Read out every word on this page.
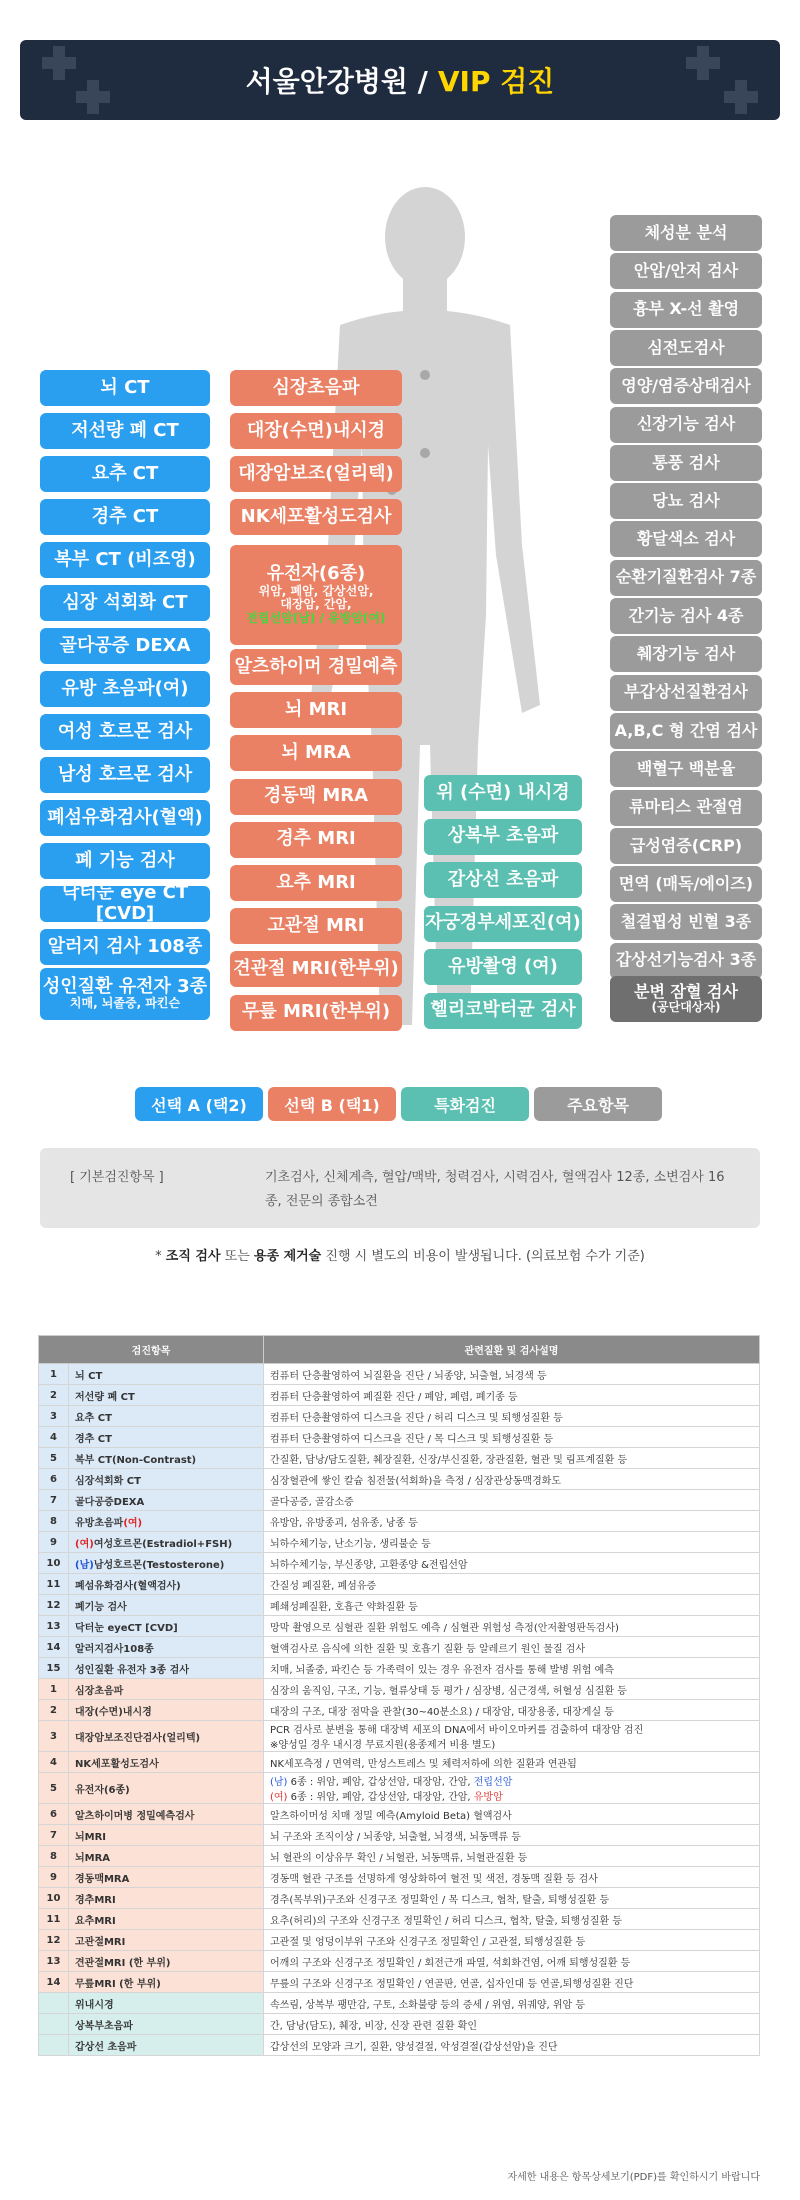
서울안강병원 / VIP 검진
뇌 CT
저선량 폐 CT
요추 CT
경추 CT
복부 CT (비조영)
심장 석회화 CT
골다공증 DEXA
유방 초음파(여)
여성 호르몬 검사
남성 호르몬 검사
폐섬유화검사(혈액)
폐 기능 검사
닥터눈 eye CT [CVD]
알러지 검사 108종
성인질환 유전자 3종
치매, 뇌졸중, 파킨슨
심장초음파
대장(수면)내시경
대장암보조(얼리텍)
NK세포활성도검사
유전자(6종)
위암, 폐암, 갑상선암,
대장암, 간암,
전립선암(남) / 유방암(여)
알츠하이머 경밀예측
뇌 MRI
뇌 MRA
경동맥 MRA
경추 MRI
요추 MRI
고관절 MRI
견관절 MRI(한부위)
무릎 MRI(한부위)
위 (수면) 내시경
상복부 초음파
갑상선 초음파
자궁경부세포진(여)
유방촬영 (여)
헬리코박터균 검사
체성분 분석
안압/안저 검사
흉부 X-선 촬영
심전도검사
영양/염증상태검사
신장기능 검사
통풍 검사
당뇨 검사
황달색소 검사
순환기질환검사 7종
간기능 검사 4종
췌장기능 검사
부갑상선질환검사
A,B,C 형 간염 검사
백혈구 백분율
류마티스 관절염
급성염증(CRP)
면역 (매독/에이즈)
철결핍성 빈혈 3종
갑상선기능검사 3종
분변 잠혈 검사
(공단대상자)
선택 A (택2)	선택 B (택1)	특화검진	주요항목
[ 기본검진항목 ]	기초검사, 신체계측, 혈압/맥박, 청력검사, 시력검사, 혈액검사 12종, 소변검사 16종, 전문의 종합소견
* 조직 검사 또는 용종 제거술 진행 시 별도의 비용이 발생됩니다. (의료보험 수가 기준)
검진항목		관련질환 및 검사설명
1	뇌 CT	컴퓨터 단층촬영하여 뇌질환을 진단 / 뇌종양, 뇌출혈, 뇌경색 등

2	저선량 폐 CT	컴퓨터 단층촬영하여 폐질환 진단 / 폐암, 폐렴, 폐기종 등

3	요추 CT	컴퓨터 단층촬영하여 디스크을 진단 / 허리 디스크 및 퇴행성질환 등

4	경추 CT	컴퓨터 단층촬영하여 디스크을 진단 / 목 디스크 및 퇴행성질환 등

5	복부 CT(Non-Contrast)	간질환, 담낭/담도질환, 췌장질환, 신장/부신질환, 장관질환, 혈관 및 림프계질환 등

6	심장석회화 CT	심장혈관에 쌓인 칼슘 침전물(석회화)을 측정 / 심장관상동맥경화도

7	골다공증DEXA	골다공증, 골감소증

8	유방초음파(여)	유방암, 유방종괴, 섬유종, 낭종 등

9	(여)여성호르몬(Estradiol+FSH)	뇌하수체기능, 난소기능, 생리불순 등

10	(남)남성호르몬(Testosterone)	뇌하수체기능, 부신종양, 고환종양 &전립선암

11	폐섬유화검사(혈액검사)	간질성 폐질환, 폐섬유증

12	폐기능 검사	폐쇄성폐질환, 호흡근 약화질환 등

13	닥터눈 eyeCT [CVD]	망막 촬영으로 심혈관 질환 위험도 예측 / 심혈관 위험성 측정(안저촬영판독검사)

14	알러지검사108종	혈액검사로 음식에 의한 질환 및 호흡기 질환 등 알레르기 원인 물질 검사

15	성인질환 유전자 3종 검사	치매, 뇌졸중, 파킨슨 등 가족력이 있는 경우 유전자 검사를 통해 발병 위험 예측

1	심장초음파	심장의 움직임, 구조, 기능, 혈류상태 등 평가 / 심장병, 심근경색, 허혈성 심질환 등

2	대장(수면)내시경	대장의 구조, 대장 점막을 관찰(30~40분소요) / 대장암, 대장용종, 대장게실 등

3	대장암보조진단검사(얼리텍)	PCR 검사로 분변을 통해 대장벽 세포의 DNA에서 바이오마커를 검출하여 대장암 검진
※양성일 경우 내시경 무료지원(용종제거 비용 별도)

4	NK세포활성도검사	NK세포측정 / 면역력, 만성스트레스 및 체력저하에 의한 질환과 연관됨

5	유전자(6종)	(남) 6종 : 위암, 폐암, 갑상선암, 대장암, 간암, 전립선암
(여) 6종 : 위암, 폐암, 갑상선암, 대장암, 간암, 유방암

6	알츠하이머병 정밀예측검사	알츠하이머성 치매 정밀 예측(Amyloid Beta) 혈액검사

7	뇌MRI	뇌 구조와 조직이상 / 뇌종양, 뇌출혈, 뇌경색, 뇌동맥류 등

8	뇌MRA	뇌 혈관의 이상유무 확인 / 뇌혈관, 뇌동맥류, 뇌혈관질환 등

9	경동맥MRA	경동맥 혈관 구조를 선명하게 영상화하여 혈전 및 색전, 경동맥 질환 등 검사

10	경추MRI	경추(목부위)구조와 신경구조 정밀확인 / 목 디스크, 협착, 탈출, 퇴행성질환 등

11	요추MRI	요추(허리)의 구조와 신경구조 정밀확인 / 허리 디스크, 협착, 탈출, 퇴행성질환 등

12	고관절MRI	고관절 및 엉덩이부위 구조와 신경구조 정밀확인 / 고관절, 퇴행성질환 등

13	견관절MRI (한 부위)	어깨의 구조와 신경구조 정밀확인 / 회전근개 파열, 석회화건염, 어깨 퇴행성질환 등

14	무릎MRI (한 부위)	무릎의 구조와 신경구조 정밀확인 / 연골판, 연골, 십자인대 등 연골,퇴행성질환 진단

	위내시경	속쓰림, 상복부 팽만감, 구토, 소화불량 등의 증세 / 위염, 위궤양, 위암 등

	상복부초음파	간, 담낭(담도), 췌장, 비장, 신장 관련 질환 확인

	갑상선 초음파	갑상선의 모양과 크기, 질환, 양성결절, 악성결절(갑상선암)을 진단
자세한 내용은 항목상세보기(PDF)를 확인하시기 바랍니다
